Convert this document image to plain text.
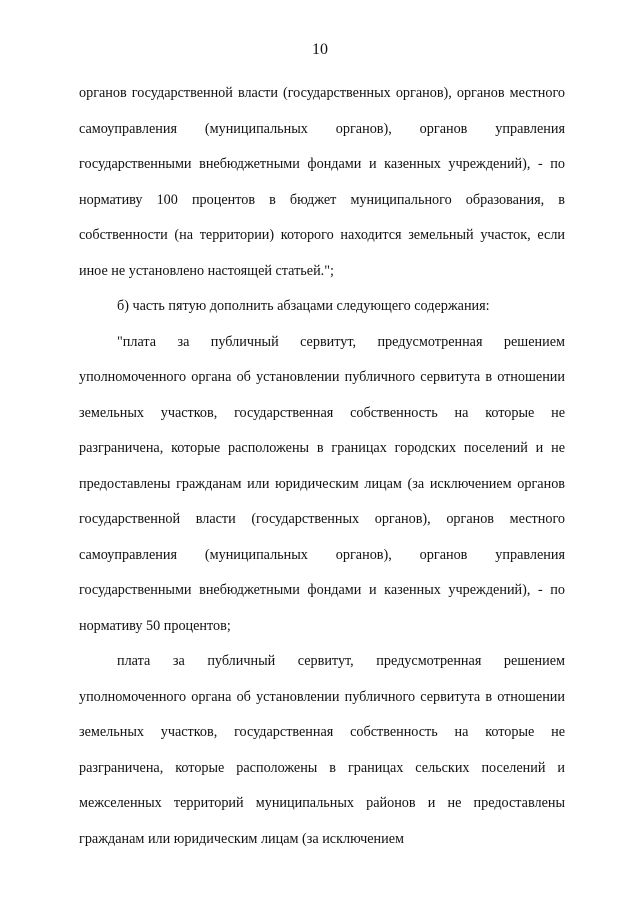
10

органов государственной власти (государственных органов), органов местного самоуправления (муниципальных органов), органов управления государственными внебюджетными фондами и казенных учреждений), - по нормативу 100 процентов в бюджет муниципального образования, в собственности (на территории) которого находится земельный участок, если иное не установлено настоящей статьей.";

б) часть пятую дополнить абзацами следующего содержания:

"плата за публичный сервитут, предусмотренная решением уполномоченного органа об установлении публичного сервитута в отношении земельных участков, государственная собственность на которые не разграничена, которые расположены в границах городских поселений и не предоставлены гражданам или юридическим лицам (за исключением органов государственной власти (государственных органов), органов местного самоуправления (муниципальных органов), органов управления государственными внебюджетными фондами и казенных учреждений), - по нормативу 50 процентов;

плата за публичный сервитут, предусмотренная решением уполномоченного органа об установлении публичного сервитута в отношении земельных участков, государственная собственность на которые не разграничена, которые расположены в границах сельских поселений и межселенных территорий муниципальных районов и не предоставлены гражданам или юридическим лицам (за исключением
